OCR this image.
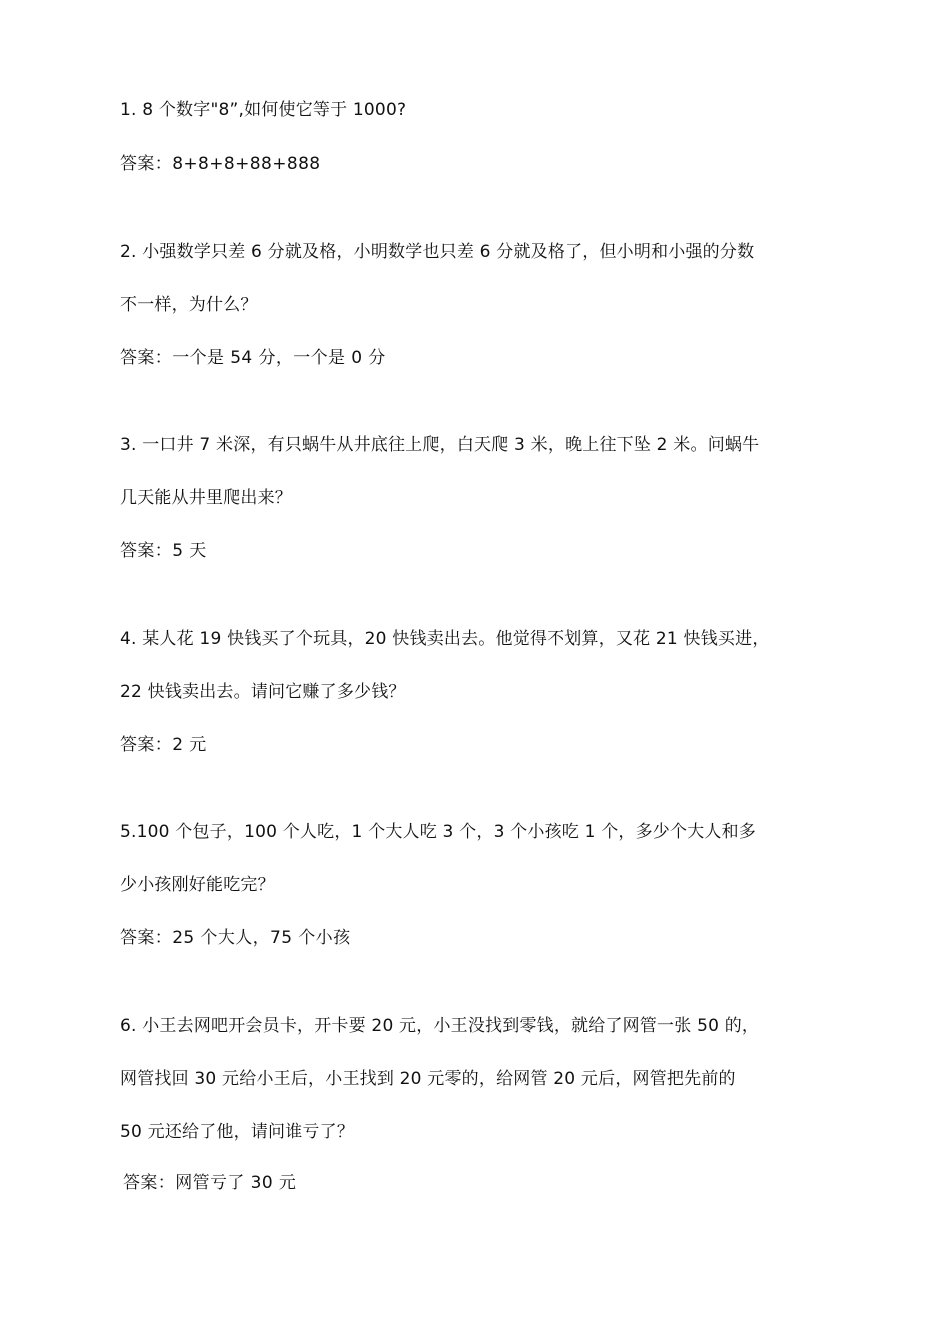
1. 8 个数字"8”,如何使它等于 1000?
答案：8+8+8+88+888
2. 小强数学只差 6 分就及格，小明数学也只差 6 分就及格了，但小明和小强的分数
不一样，为什么？
答案：一个是 54 分，一个是 0 分
3. 一口井 7 米深，有只蜗牛从井底往上爬，白天爬 3 米，晚上往下坠 2 米。问蜗牛
几天能从井里爬出来？
答案：5 天
4. 某人花 19 快钱买了个玩具，20 快钱卖出去。他觉得不划算，又花 21 快钱买进，
22 快钱卖出去。请问它赚了多少钱？
答案：2 元
5.100 个包子，100 个人吃，1 个大人吃 3 个，3 个小孩吃 1 个，多少个大人和多
少小孩刚好能吃完？
答案：25 个大人，75 个小孩
6. 小王去网吧开会员卡，开卡要 20 元，小王没找到零钱，就给了网管一张 50 的，
网管找回 30 元给小王后，小王找到 20 元零的，给网管 20 元后，网管把先前的
50 元还给了他，请问谁亏了？
答案：网管亏了 30 元
